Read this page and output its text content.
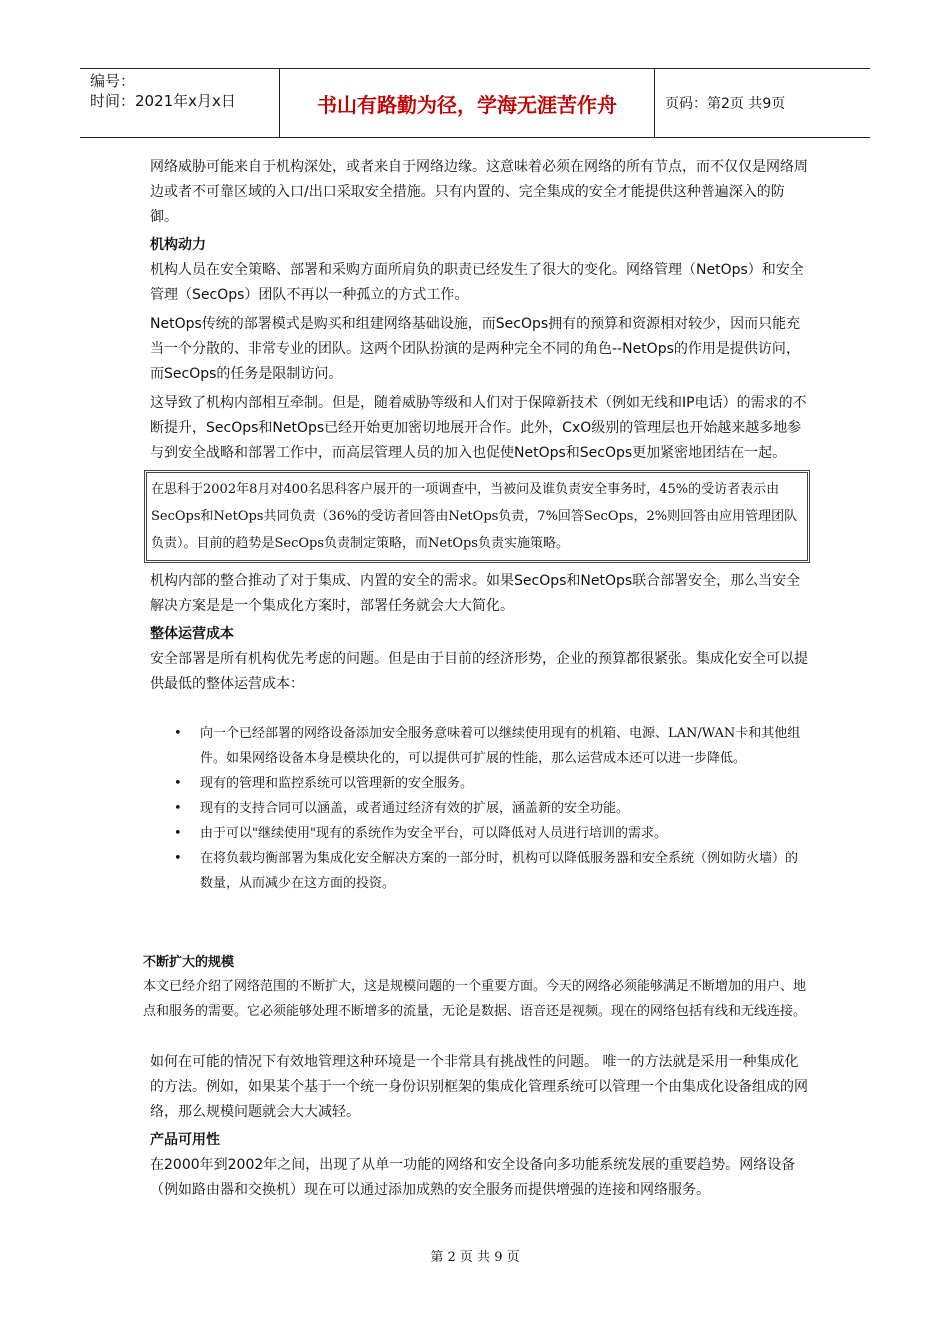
编号：
时间：2021年x月x日	书山有路勤为径，学海无涯苦作舟	页码：第2页 共9页

网络威胁可能来自于机构深处，或者来自于网络边缘。这意味着必须在网络的所有节点，而不仅仅是网络周边或者不可靠区域的入口/出口采取安全措施。只有内置的、完全集成的安全才能提供这种普遍深入的防御。

机构动力

机构人员在安全策略、部署和采购方面所肩负的职责已经发生了很大的变化。网络管理（NetOps）和安全管理（SecOps）团队不再以一种孤立的方式工作。

NetOps传统的部署模式是购买和组建网络基础设施，而SecOps拥有的预算和资源相对较少，因而只能充当一个分散的、非常专业的团队。这两个团队扮演的是两种完全不同的角色--NetOps的作用是提供访问，而SecOps的任务是限制访问。

这导致了机构内部相互牵制。但是，随着威胁等级和人们对于保障新技术（例如无线和IP电话）的需求的不断提升，SecOps和NetOps已经开始更加密切地展开合作。此外，CxO级别的管理层也开始越来越多地参与到安全战略和部署工作中，而高层管理人员的加入也促使NetOps和SecOps更加紧密地团结在一起。

在思科于2002年8月对400名思科客户展开的一项调查中，当被问及谁负责安全事务时，45%的受访者表示由SecOps和NetOps共同负责（36%的受访者回答由NetOps负责，7%回答SecOps，2%则回答由应用管理团队负责）。目前的趋势是SecOps负责制定策略，而NetOps负责实施策略。

机构内部的整合推动了对于集成、内置的安全的需求。如果SecOps和NetOps联合部署安全，那么当安全解决方案是是一个集成化方案时，部署任务就会大大简化。

整体运营成本

安全部署是所有机构优先考虑的问题。但是由于目前的经济形势，企业的预算都很紧张。集成化安全可以提供最低的整体运营成本：

• 向一个已经部署的网络设备添加安全服务意味着可以继续使用现有的机箱、电源、LAN/WAN卡和其他组件。如果网络设备本身是模块化的，可以提供可扩展的性能，那么运营成本还可以进一步降低。
• 现有的管理和监控系统可以管理新的安全服务。
• 现有的支持合同可以涵盖，或者通过经济有效的扩展，涵盖新的安全功能。
• 由于可以"继续使用"现有的系统作为安全平台，可以降低对人员进行培训的需求。
• 在将负载均衡部署为集成化安全解决方案的一部分时，机构可以降低服务器和安全系统（例如防火墙）的数量，从而减少在这方面的投资。

不断扩大的规模

本文已经介绍了网络范围的不断扩大，这是规模问题的一个重要方面。今天的网络必须能够满足不断增加的用户、地点和服务的需要。它必须能够处理不断增多的流量，无论是数据、语音还是视频。现在的网络包括有线和无线连接。

如何在可能的情况下有效地管理这种环境是一个非常具有挑战性的问题。 唯一的方法就是采用一种集成化的方法。例如，如果某个基于一个统一身份识别框架的集成化管理系统可以管理一个由集成化设备组成的网络，那么规模问题就会大大减轻。

产品可用性

在2000年到2002年之间，出现了从单一功能的网络和安全设备向多功能系统发展的重要趋势。网络设备（例如路由器和交换机）现在可以通过添加成熟的安全服务而提供增强的连接和网络服务。

第 2 页 共 9 页
